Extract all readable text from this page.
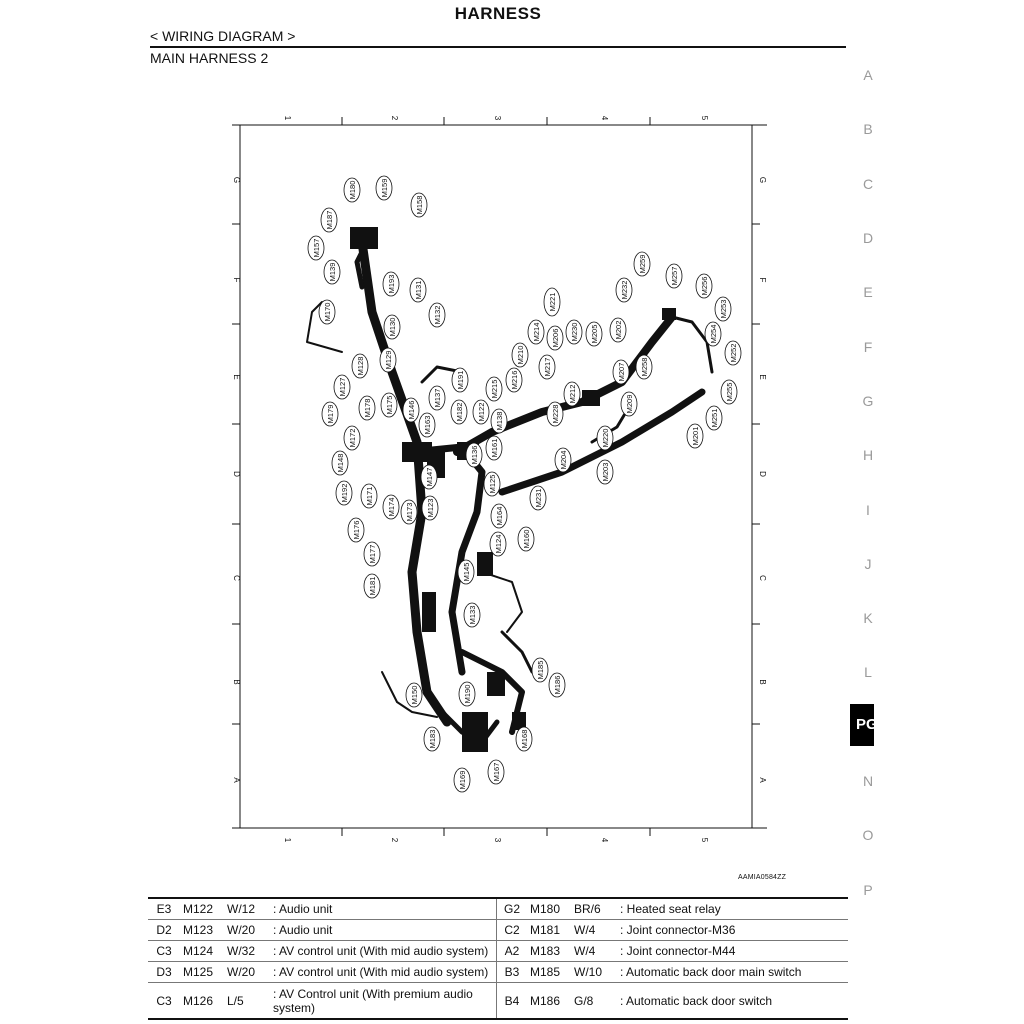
HARNESS
< WIRING DIAGRAM >
MAIN HARNESS 2
A
B
C
D
E
F
G
H
I
J
K
L
PG
N
O
P
1	2	3	4	5
1	2	3	4	5
G
F
E
D
C
B
A
G
F
E
D
C
B
A
M180	M159
M187
M158
M157
M139
M193 M131
M170
M130
M132
M128	M129
M127
M175
M178	M146
M137
M191
M179	M182 M122
M215
M172
M163	M138
M148	M136 M161
M192 M171
M147	M125
M174 M173 M123	M164
M176
M124
M177
M145
M181
M133
M185
M186
M150	M190
M183	M168
M169	M167
M221
M214
M210
M216
M206
M217
M228
M212
M230 M205 M202
M232
M259
M257
M256
M253
M254
M252
M207 M258
M255
M209
M220
M204
M203
M231
M160
M201
M251
AAMIA0584ZZ
E3	M122	W/12	: Audio unit	G2	M180	BR/6	: Heated seat relay
D2	M123	W/20	: Audio unit	C2	M181	W/4	: Joint connector-M36
C3	M124	W/32	: AV control unit (With mid audio system)	A2	M183	W/4	: Joint connector-M44
D3	M125	W/20	: AV control unit (With mid audio system)	B3	M185	W/10	: Automatic back door main switch
C3	M126	L/5	: AV Control unit (With premium audio system)	B4	M186	G/8	: Automatic back door switch
